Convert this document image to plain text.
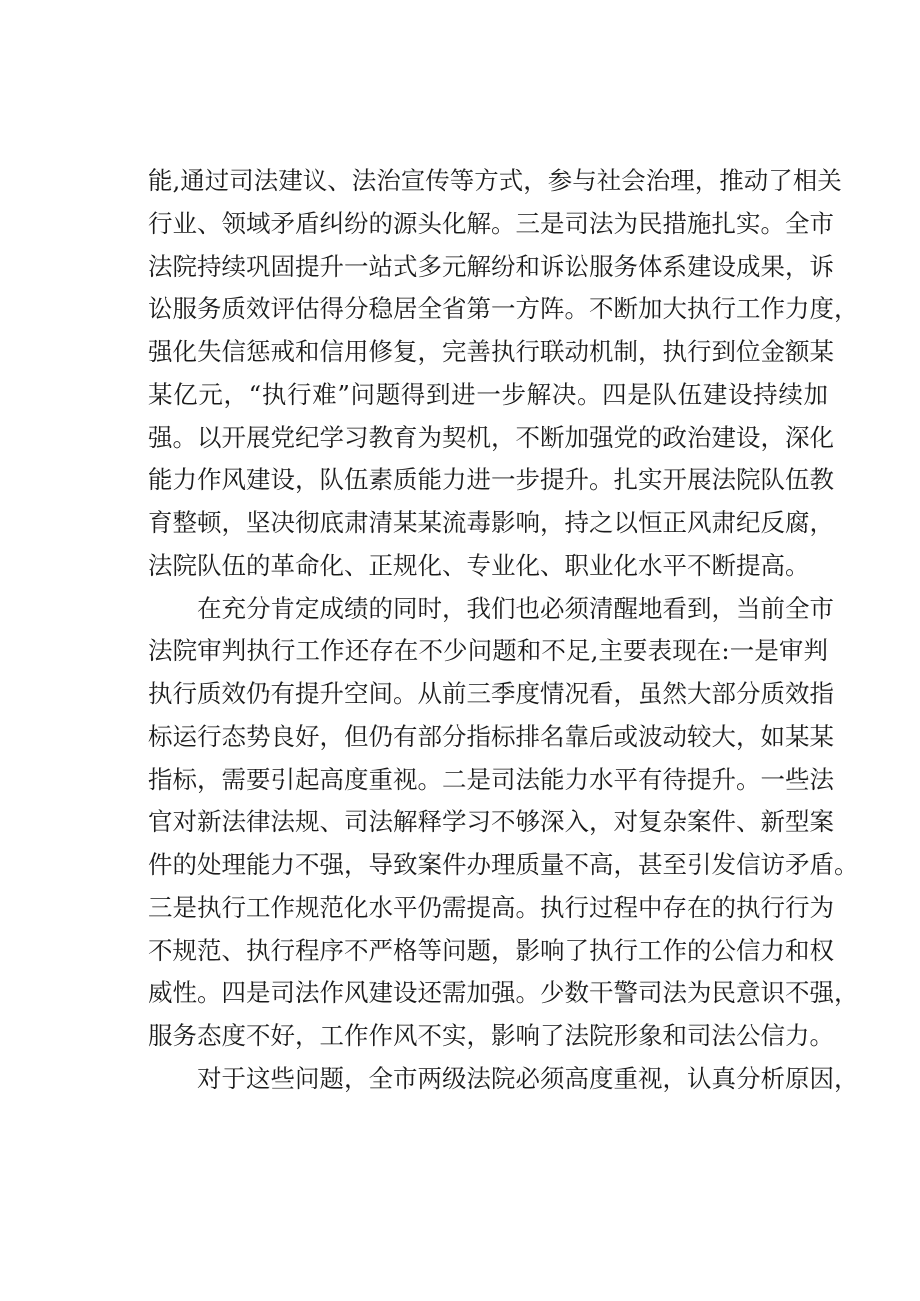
能,通过司法建议、法治宣传等方式，参与社会治理，推动了相关
行业、领域矛盾纠纷的源头化解。三是司法为民措施扎实。全市
法院持续巩固提升一站式多元解纷和诉讼服务体系建设成果，诉
讼服务质效评估得分稳居全省第一方阵。不断加大执行工作力度，
强化失信惩戒和信用修复，完善执行联动机制，执行到位金额某
某亿元，“执行难”问题得到进一步解决。四是队伍建设持续加
强。以开展党纪学习教育为契机，不断加强党的政治建设，深化
能力作风建设，队伍素质能力进一步提升。扎实开展法院队伍教
育整顿，坚决彻底肃清某某流毒影响，持之以恒正风肃纪反腐，
法院队伍的革命化、正规化、专业化、职业化水平不断提高。
在充分肯定成绩的同时，我们也必须清醒地看到，当前全市
法院审判执行工作还存在不少问题和不足,主要表现在:一是审判
执行质效仍有提升空间。从前三季度情况看，虽然大部分质效指
标运行态势良好，但仍有部分指标排名靠后或波动较大，如某某
指标，需要引起高度重视。二是司法能力水平有待提升。一些法
官对新法律法规、司法解释学习不够深入，对复杂案件、新型案
件的处理能力不强，导致案件办理质量不高，甚至引发信访矛盾。
三是执行工作规范化水平仍需提高。执行过程中存在的执行行为
不规范、执行程序不严格等问题，影响了执行工作的公信力和权
威性。四是司法作风建设还需加强。少数干警司法为民意识不强，
服务态度不好，工作作风不实，影响了法院形象和司法公信力。
对于这些问题，全市两级法院必须高度重视，认真分析原因，
